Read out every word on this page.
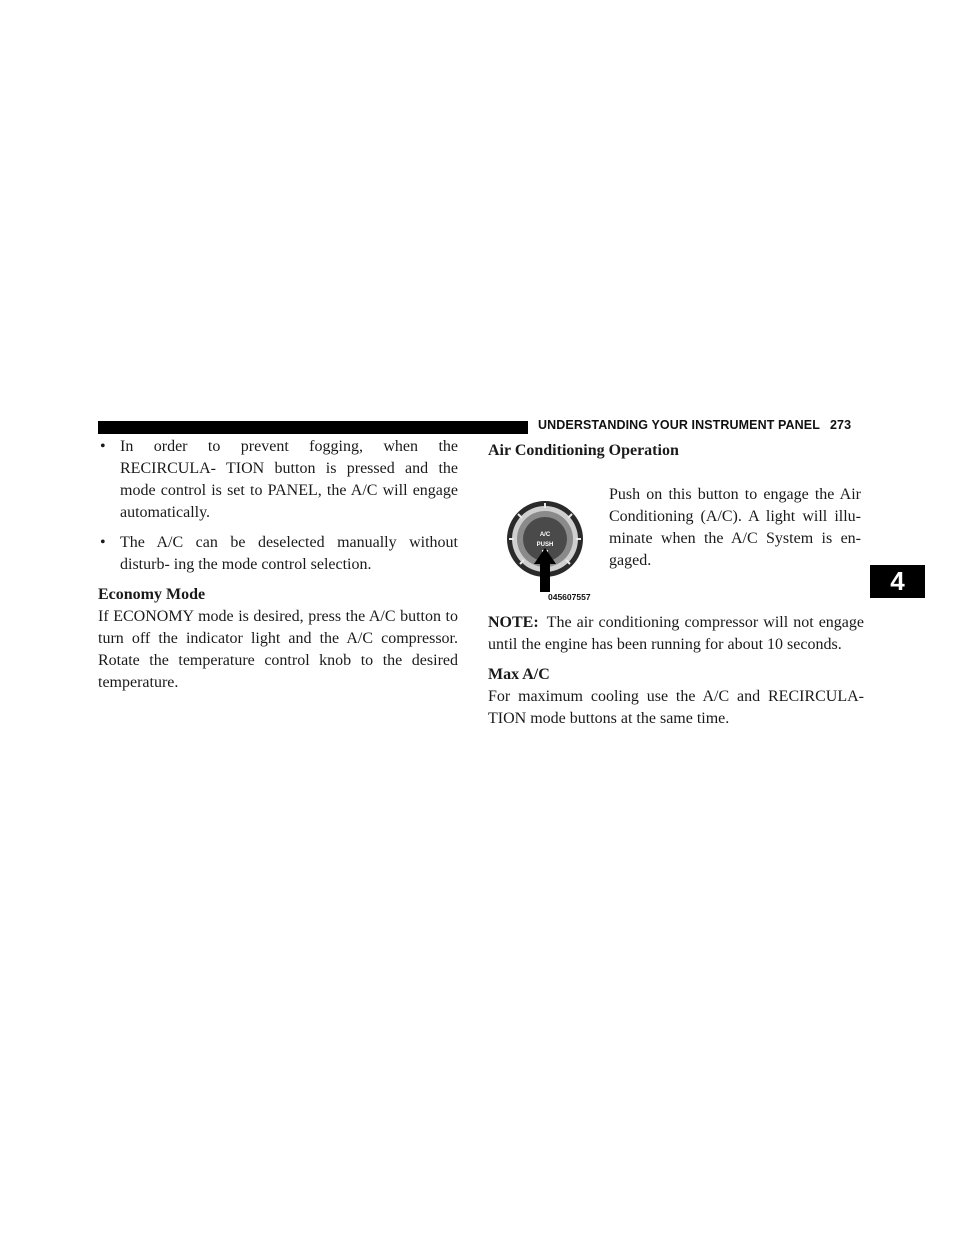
UNDERSTANDING YOUR INSTRUMENT PANEL 273
4

• In order to prevent fogging, when the RECIRCULA- TION button is pressed and the mode control is set to PANEL, the A/C will engage automatically.

• The A/C can be deselected manually without disturb- ing the mode control selection.

Economy Mode

If ECONOMY mode is desired, press the A/C button to turn off the indicator light and the A/C compressor. Rotate the temperature control knob to the desired temperature.

Air Conditioning Operation

A/C
PUSH
045607557

Push on this button to engage the Air Conditioning (A/C). A light will illu- minate when the A/C System is en- gaged.

NOTE: The air conditioning compressor will not engage until the engine has been running for about 10 seconds.

Max A/C

For maximum cooling use the A/C and RECIRCULA- TION mode buttons at the same time.
